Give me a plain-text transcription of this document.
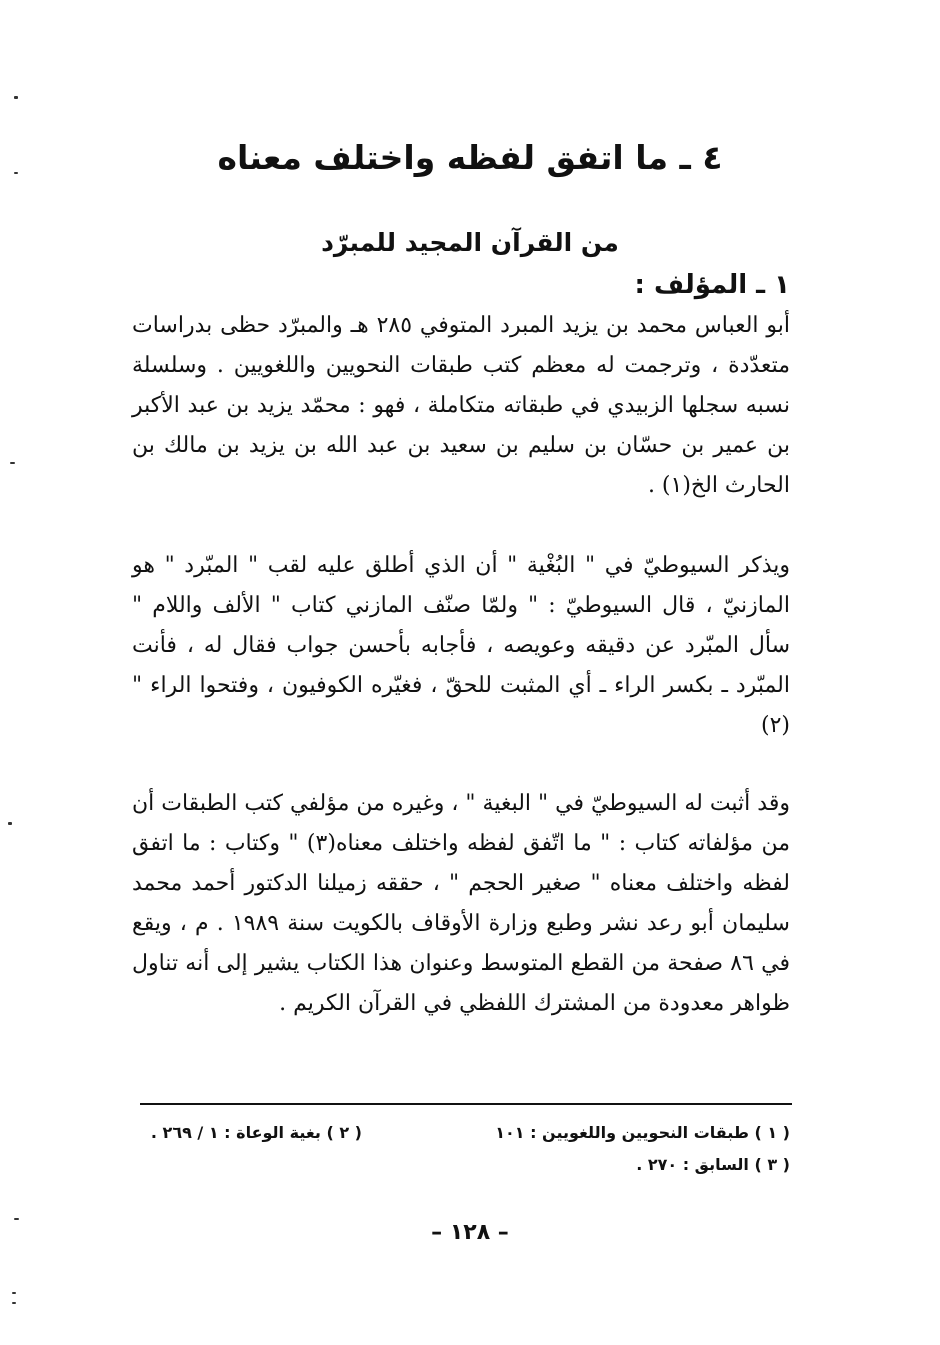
٤ ـ ما اتفق لفظه واختلف معناه
من القرآن المجيد للمبرّد
١ ـ المؤلف :

أبو العباس محمد بن يزيد المبرد المتوفي ٢٨٥ هـ والمبرّد حظى بدراسات متعدّدة ، وترجمت له معظم كتب طبقات النحويين واللغويين . وسلسلة نسبه سجلها الزبيدي في طبقاته متكاملة ، فهو : محمّد يزيد بن عبد الأكبر بن عمير بن حسّان بن سليم بن سعيد بن عبد الله بن يزيد بن مالك بن الحارث الخ(١) .

ويذكر السيوطيّ في " البُغْية " أن الذي أطلق عليه لقب " المبّرد " هو المازنيّ ، قال السيوطيّ : " ولمّا صنّف المازني كتاب " الألف واللام " سأل المبّرد عن دقيقه وعويصه ، فأجابه بأحسن جواب فقال له ، فأنت المبّرد ـ بكسر الراء ـ أي المثبت للحقّ ، فغيّره الكوفيون ، وفتحوا الراء " (٢)

وقد أثبت له السيوطيّ في " البغية " ، وغيره من مؤلفي كتب الطبقات أن من مؤلفاته كتاب : " ما اتّفق لفظه واختلف معناه(٣) " وكتاب : ما اتفق لفظه واختلف معناه " صغير الحجم " ، حققه زميلنا الدكتور أحمد محمد سليمان أبو رعد نشر وطبع وزارة الأوقاف بالكويت سنة ١٩٨٩ . م ، ويقع في ٨٦ صفحة من القطع المتوسط وعنوان هذا الكتاب يشير إلى أنه تناول ظواهر معدودة من المشترك اللفظي في القرآن الكريم .

( ١ ) طبقات النحويين واللغويين : ١٠١
( ٢ ) بغية الوعاة : ١ / ٢٦٩ .
( ٣ ) السابق : ٢٧٠ .
– ١٢٨ –
